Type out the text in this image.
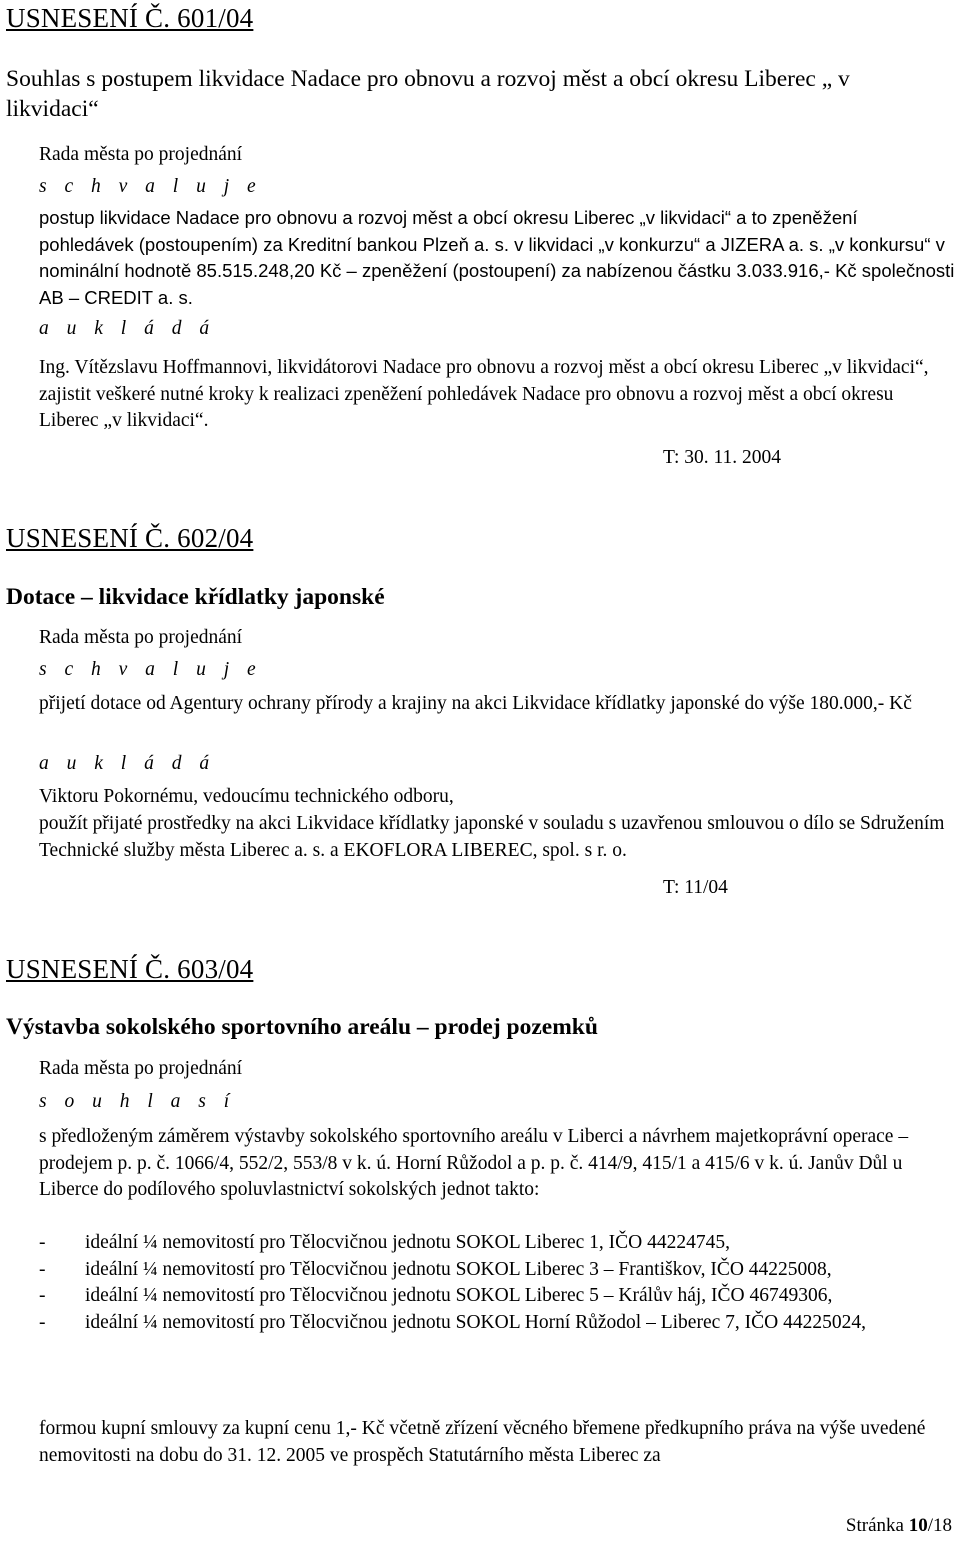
USNESENÍ Č. 601/04
Souhlas s postupem likvidace Nadace pro obnovu a rozvoj měst a obcí okresu Liberec „ v likvidaci“
Rada města po projednání
s c h v a l u j e

postup likvidace Nadace pro obnovu a rozvoj měst a obcí okresu Liberec „v likvidaci“ a to zpeněžení pohledávek (postoupením) za Kreditní bankou Plzeň a. s. v likvidaci „v konkurzu“ a JIZERA a. s. „v konkursu“ v nominální hodnotě 85.515.248,20 Kč – zpeněžení (postoupení) za nabízenou částku 3.033.916,- Kč společnosti AB – CREDIT a. s.

a u k l á d á

Ing. Vítězslavu Hoffmannovi, likvidátorovi Nadace pro obnovu a rozvoj měst a obcí okresu Liberec „v likvidaci“, zajistit veškeré nutné kroky k realizaci zpeněžení pohledávek Nadace pro obnovu a rozvoj měst a obcí okresu Liberec „v likvidaci“.

T: 30. 11. 2004
USNESENÍ Č. 602/04
Dotace – likvidace křídlatky japonské
Rada města po projednání
s c h v a l u j e

přijetí dotace od Agentury ochrany přírody a krajiny na akci Likvidace křídlatky japonské do výše 180.000,- Kč

a u k l á d á
Viktoru Pokornému, vedoucímu technického odboru,

použít přijaté prostředky na akci Likvidace křídlatky japonské v souladu s uzavřenou smlouvou o dílo se Sdružením Technické služby města Liberec a. s. a EKOFLORA LIBEREC, spol. s r. o.

T: 11/04
USNESENÍ Č. 603/04
Výstavba sokolského sportovního areálu – prodej pozemků
Rada města po projednání
s o u h l a s í

s předloženým záměrem výstavby sokolského sportovního areálu v Liberci a návrhem majetkoprávní operace – prodejem p. p. č. 1066/4, 552/2, 553/8 v k. ú. Horní Růžodol a p. p. č. 414/9, 415/1 a 415/6 v k. ú. Janův Důl u Liberce do podílového spoluvlastnictví sokolských jednot takto:

- ideální ¼ nemovitostí pro Tělocvičnou jednotu SOKOL Liberec 1, IČO 44224745,
- ideální ¼ nemovitostí pro Tělocvičnou jednotu SOKOL Liberec 3 – Františkov, IČO 44225008,
- ideální ¼ nemovitostí pro Tělocvičnou jednotu SOKOL Liberec 5 – Králův háj, IČO 46749306,
- ideální ¼ nemovitostí pro Tělocvičnou jednotu SOKOL Horní Růžodol – Liberec 7, IČO 44225024,

formou kupní smlouvy za kupní cenu 1,- Kč včetně zřízení věcného břemene předkupního práva na výše uvedené nemovitosti na dobu do 31. 12. 2005 ve prospěch Statutárního města Liberec za

Stránka 10/18
